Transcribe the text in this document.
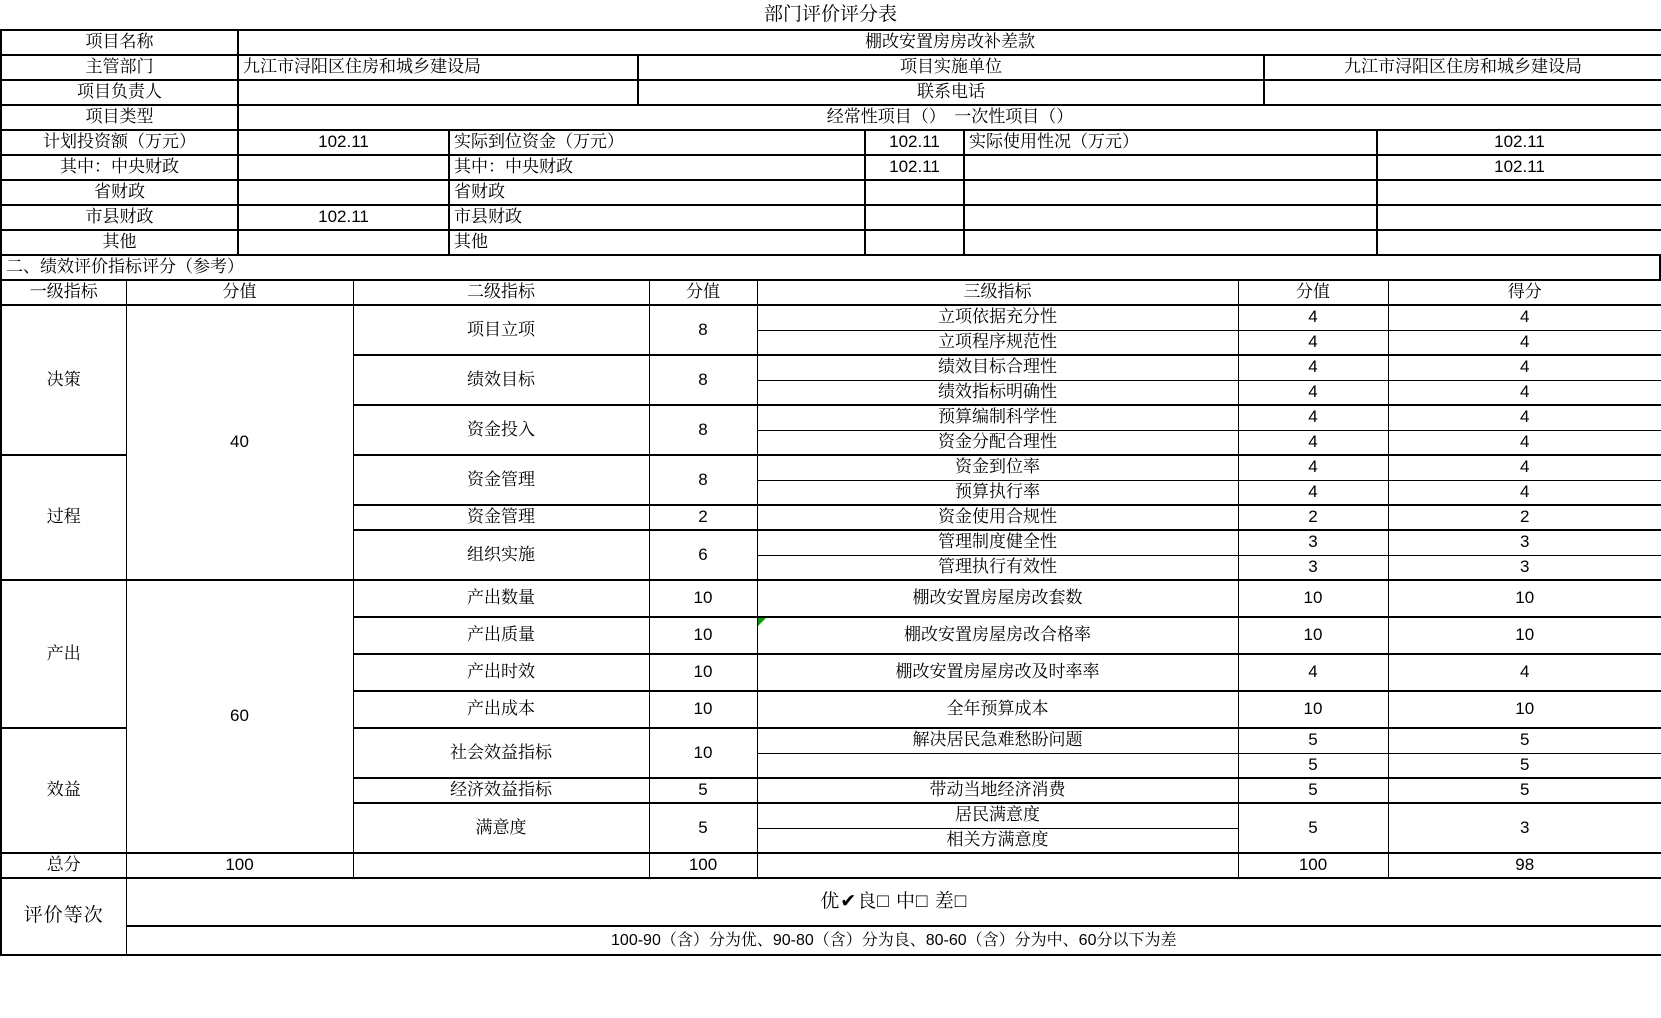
部门评价评分表
项目名称	棚改安置房房改补差款		
主管部门	九江市浔阳区住房和城乡建设局	项目实施单位	九江市浔阳区住房和城乡建设局
项目负责人		联系电话	
项目类型	经常性项目（）　一次性项目（）		
计划投资额（万元）	102.11	实际到位资金（万元）	102.11	实际使用性况（万元）	102.11
其中：中央财政		其中：中央财政	102.11		102.11
省财政		省财政			
市县财政	102.11	市县财政			
其他		其他			
二、绩效评价指标评分（参考）
一级指标	分值	二级指标	分值	三级指标	分值	得分
决策	40	项目立项	8	立项依据充分性	4	4
				立项程序规范性	4	4
		绩效目标	8	绩效目标合理性	4	4
				绩效指标明确性	4	4
		资金投入	8	预算编制科学性	4	4
				资金分配合理性	4	4
过程		资金管理	8	资金到位率	4	4
				预算执行率	4	4
		资金管理	2	资金使用合规性	2	2
		组织实施	6	管理制度健全性	3	3
				管理执行有效性	3	3
产出	60	产出数量	10	棚改安置房屋房改套数	10	10
		产出质量	10	棚改安置房屋房改合格率	10	10
		产出时效	10	棚改安置房屋房改及时率率	4	4
		产出成本	10	全年预算成本	10	10
效益		社会效益指标	10	解决居民急难愁盼问题	5	5
					5	5
		经济效益指标	5	带动当地经济消费	5	5
		满意度	5	居民满意度	5	3
				相关方满意度		
总分	100		100		100	98
评价等次	优✔良□ 中□ 差□					
	100-90（含）分为优、90-80（含）分为良、80-60（含）分为中、60分以下为差					
